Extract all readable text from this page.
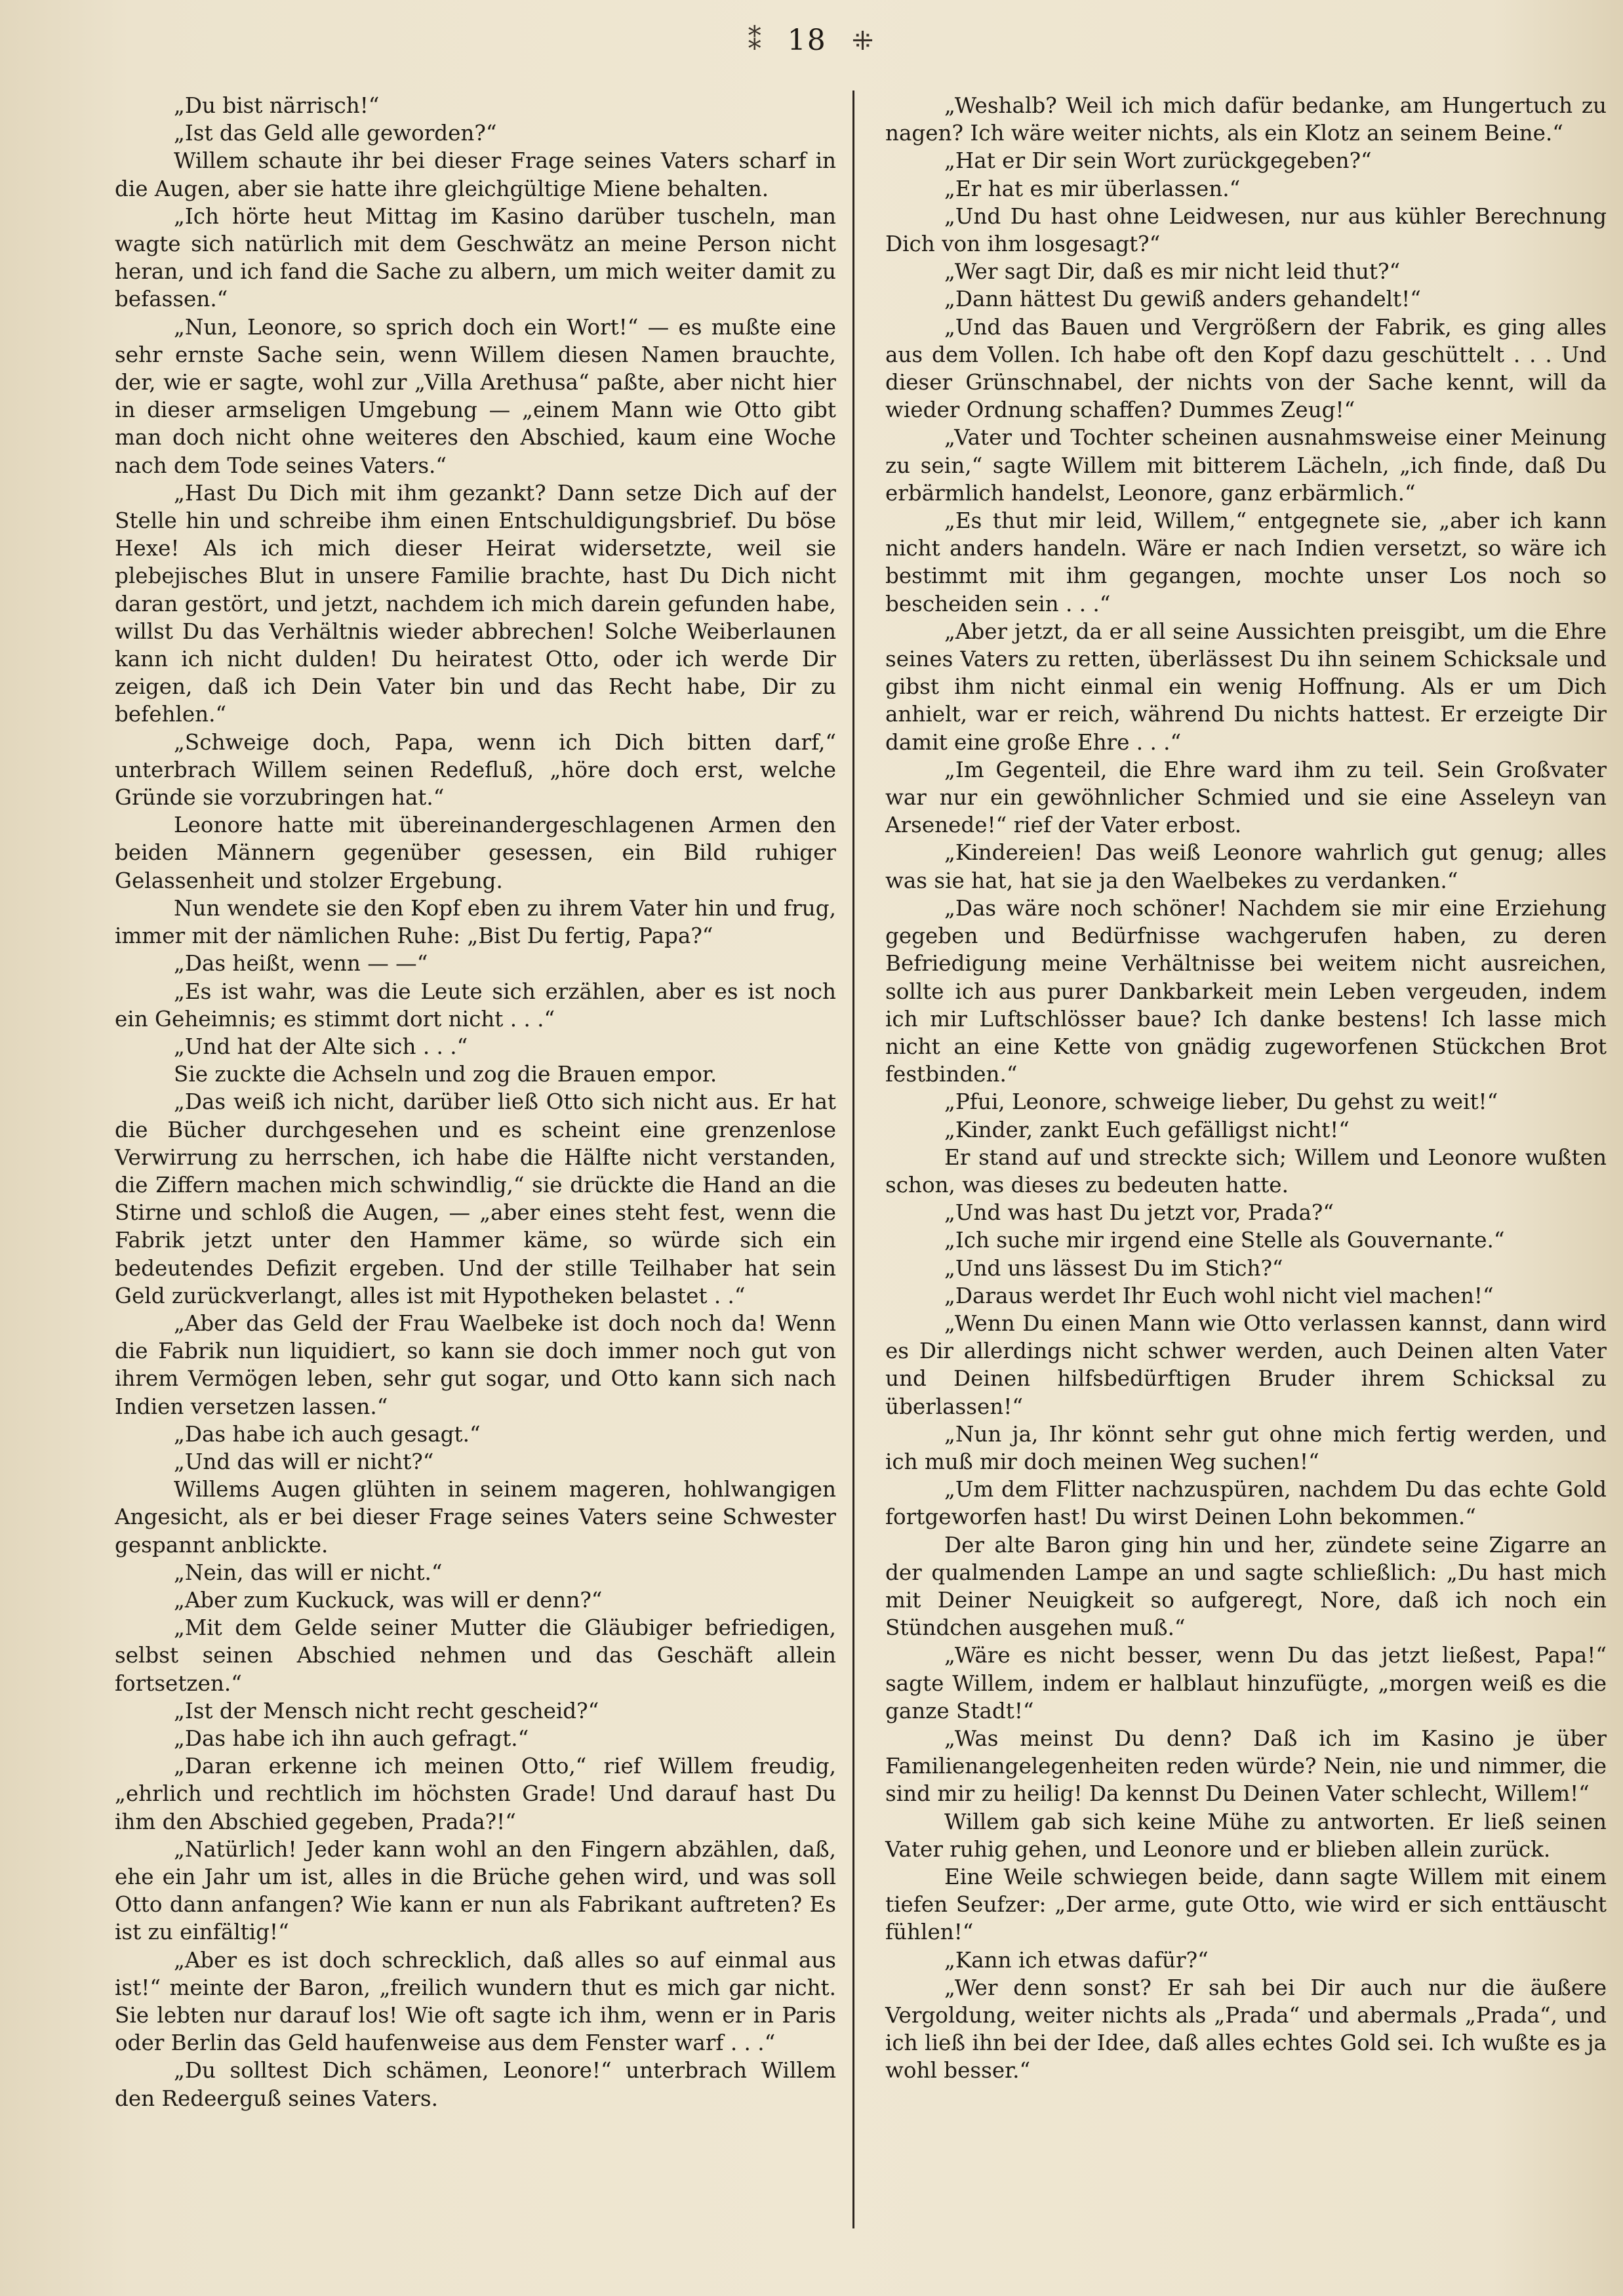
⁑ 18 ⁜

„Du bist närrisch!“

„Ist das Geld alle geworden?“

Willem schaute ihr bei dieser Frage seines Vaters scharf in die Augen, aber sie hatte ihre gleichgültige Miene behalten.

„Ich hörte heut Mittag im Kasino darüber tuscheln, man wagte sich natürlich mit dem Geschwätz an meine Person nicht heran, und ich fand die Sache zu albern, um mich weiter damit zu befassen.“

„Nun, Leonore, so sprich doch ein Wort!“ — es mußte eine sehr ernste Sache sein, wenn Willem diesen Namen brauchte, der, wie er sagte, wohl zur „Villa Arethusa“ paßte, aber nicht hier in dieser armseligen Umgebung — „einem Mann wie Otto gibt man doch nicht ohne weiteres den Abschied, kaum eine Woche nach dem Tode seines Vaters.“

„Hast Du Dich mit ihm gezankt? Dann setze Dich auf der Stelle hin und schreibe ihm einen Entschuldigungsbrief. Du böse Hexe! Als ich mich dieser Heirat widersetzte, weil sie plebejisches Blut in unsere Familie brachte, hast Du Dich nicht daran gestört, und jetzt, nachdem ich mich darein gefunden habe, willst Du das Verhältnis wieder abbrechen! Solche Weiberlaunen kann ich nicht dulden! Du heiratest Otto, oder ich werde Dir zeigen, daß ich Dein Vater bin und das Recht habe, Dir zu befehlen.“

„Schweige doch, Papa, wenn ich Dich bitten darf,“ unterbrach Willem seinen Redefluß, „höre doch erst, welche Gründe sie vorzubringen hat.“

Leonore hatte mit übereinandergeschlagenen Armen den beiden Männern gegenüber gesessen, ein Bild ruhiger Gelassenheit und stolzer Ergebung.

Nun wendete sie den Kopf eben zu ihrem Vater hin und frug, immer mit der nämlichen Ruhe: „Bist Du fertig, Papa?“

„Das heißt, wenn — —“

„Es ist wahr, was die Leute sich erzählen, aber es ist noch ein Geheimnis; es stimmt dort nicht . . .“

„Und hat der Alte sich . . .“

Sie zuckte die Achseln und zog die Brauen empor.

„Das weiß ich nicht, darüber ließ Otto sich nicht aus. Er hat die Bücher durchgesehen und es scheint eine grenzenlose Verwirrung zu herrschen, ich habe die Hälfte nicht verstanden, die Ziffern machen mich schwindlig,“ sie drückte die Hand an die Stirne und schloß die Augen, — „aber eines steht fest, wenn die Fabrik jetzt unter den Hammer käme, so würde sich ein bedeutendes Defizit ergeben. Und der stille Teilhaber hat sein Geld zurückverlangt, alles ist mit Hypotheken belastet . .“

„Aber das Geld der Frau Waelbeke ist doch noch da! Wenn die Fabrik nun liquidiert, so kann sie doch immer noch gut von ihrem Vermögen leben, sehr gut sogar, und Otto kann sich nach Indien versetzen lassen.“

„Das habe ich auch gesagt.“

„Und das will er nicht?“

Willems Augen glühten in seinem mageren, hohlwangigen Angesicht, als er bei dieser Frage seines Vaters seine Schwester gespannt anblickte.

„Nein, das will er nicht.“

„Aber zum Kuckuck, was will er denn?“

„Mit dem Gelde seiner Mutter die Gläubiger befriedigen, selbst seinen Abschied nehmen und das Geschäft allein fortsetzen.“

„Ist der Mensch nicht recht gescheid?“

„Das habe ich ihn auch gefragt.“

„Daran erkenne ich meinen Otto,“ rief Willem freudig, „ehrlich und rechtlich im höchsten Grade! Und darauf hast Du ihm den Abschied gegeben, Prada?!“

„Natürlich! Jeder kann wohl an den Fingern abzählen, daß, ehe ein Jahr um ist, alles in die Brüche gehen wird, und was soll Otto dann anfangen? Wie kann er nun als Fabrikant auftreten? Es ist zu einfältig!“

„Aber es ist doch schrecklich, daß alles so auf einmal aus ist!“ meinte der Baron, „freilich wundern thut es mich gar nicht. Sie lebten nur darauf los! Wie oft sagte ich ihm, wenn er in Paris oder Berlin das Geld haufenweise aus dem Fenster warf . . .“

„Du solltest Dich schämen, Leonore!“ unterbrach Willem den Redeerguß seines Vaters.

„Weshalb? Weil ich mich dafür bedanke, am Hungertuch zu nagen? Ich wäre weiter nichts, als ein Klotz an seinem Beine.“

„Hat er Dir sein Wort zurückgegeben?“

„Er hat es mir überlassen.“

„Und Du hast ohne Leidwesen, nur aus kühler Berechnung Dich von ihm losgesagt?“

„Wer sagt Dir, daß es mir nicht leid thut?“

„Dann hättest Du gewiß anders gehandelt!“

„Und das Bauen und Vergrößern der Fabrik, es ging alles aus dem Vollen. Ich habe oft den Kopf dazu geschüttelt . . . Und dieser Grünschnabel, der nichts von der Sache kennt, will da wieder Ordnung schaffen? Dummes Zeug!“

„Vater und Tochter scheinen ausnahmsweise einer Meinung zu sein,“ sagte Willem mit bitterem Lächeln, „ich finde, daß Du erbärmlich handelst, Leonore, ganz erbärmlich.“

„Es thut mir leid, Willem,“ entgegnete sie, „aber ich kann nicht anders handeln. Wäre er nach Indien versetzt, so wäre ich bestimmt mit ihm gegangen, mochte unser Los noch so bescheiden sein . . .“

„Aber jetzt, da er all seine Aussichten preisgibt, um die Ehre seines Vaters zu retten, überlässest Du ihn seinem Schicksale und gibst ihm nicht einmal ein wenig Hoffnung. Als er um Dich anhielt, war er reich, während Du nichts hattest. Er erzeigte Dir damit eine große Ehre . . .“

„Im Gegenteil, die Ehre ward ihm zu teil. Sein Großvater war nur ein gewöhnlicher Schmied und sie eine Asseleyn van Arsenede!“ rief der Vater erbost.

„Kindereien! Das weiß Leonore wahrlich gut genug; alles was sie hat, hat sie ja den Waelbekes zu verdanken.“

„Das wäre noch schöner! Nachdem sie mir eine Erziehung gegeben und Bedürfnisse wachgerufen haben, zu deren Befriedigung meine Verhältnisse bei weitem nicht ausreichen, sollte ich aus purer Dankbarkeit mein Leben vergeuden, indem ich mir Luftschlösser baue? Ich danke bestens! Ich lasse mich nicht an eine Kette von gnädig zugeworfenen Stückchen Brot festbinden.“

„Pfui, Leonore, schweige lieber, Du gehst zu weit!“

„Kinder, zankt Euch gefälligst nicht!“

Er stand auf und streckte sich; Willem und Leonore wußten schon, was dieses zu bedeuten hatte.

„Und was hast Du jetzt vor, Prada?“

„Ich suche mir irgend eine Stelle als Gouvernante.“

„Und uns lässest Du im Stich?“

„Daraus werdet Ihr Euch wohl nicht viel machen!“

„Wenn Du einen Mann wie Otto verlassen kannst, dann wird es Dir allerdings nicht schwer werden, auch Deinen alten Vater und Deinen hilfsbedürftigen Bruder ihrem Schicksal zu überlassen!“

„Nun ja, Ihr könnt sehr gut ohne mich fertig werden, und ich muß mir doch meinen Weg suchen!“

„Um dem Flitter nachzuspüren, nachdem Du das echte Gold fortgeworfen hast! Du wirst Deinen Lohn bekommen.“

Der alte Baron ging hin und her, zündete seine Zigarre an der qualmenden Lampe an und sagte schließlich: „Du hast mich mit Deiner Neuigkeit so aufgeregt, Nore, daß ich noch ein Stündchen ausgehen muß.“

„Wäre es nicht besser, wenn Du das jetzt ließest, Papa!“ sagte Willem, indem er halblaut hinzufügte, „morgen weiß es die ganze Stadt!“

„Was meinst Du denn? Daß ich im Kasino je über Familienangelegenheiten reden würde? Nein, nie und nimmer, die sind mir zu heilig! Da kennst Du Deinen Vater schlecht, Willem!“

Willem gab sich keine Mühe zu antworten. Er ließ seinen Vater ruhig gehen, und Leonore und er blieben allein zurück.

Eine Weile schwiegen beide, dann sagte Willem mit einem tiefen Seufzer: „Der arme, gute Otto, wie wird er sich enttäuscht fühlen!“

„Kann ich etwas dafür?“

„Wer denn sonst? Er sah bei Dir auch nur die äußere Vergoldung, weiter nichts als „Prada“ und abermals „Prada“, und ich ließ ihn bei der Idee, daß alles echtes Gold sei. Ich wußte es ja wohl besser.“
